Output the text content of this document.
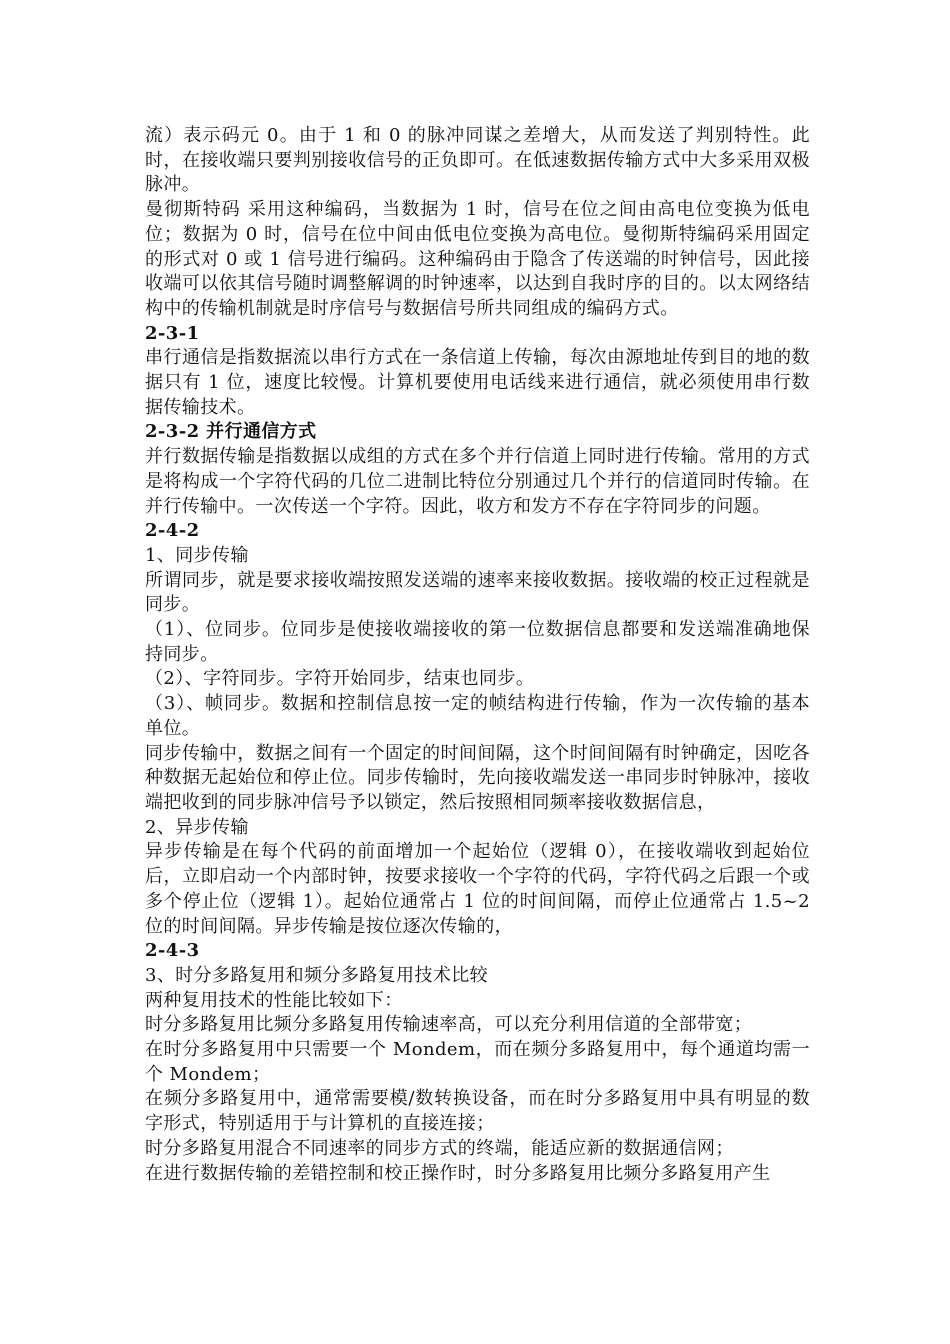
流）表示码元 0。由于 1 和 0 的脉冲同谋之差增大，从而发送了判别特性。此时，在接收端只要判别接收信号的正负即可。在低速数据传输方式中大多采用双极脉冲。

曼彻斯特码 采用这种编码，当数据为 1 时，信号在位之间由高电位变换为低电位；数据为 0 时，信号在位中间由低电位变换为高电位。曼彻斯特编码采用固定的形式对 0 或 1 信号进行编码。这种编码由于隐含了传送端的时钟信号，因此接收端可以依其信号随时调整解调的时钟速率，以达到自我时序的目的。以太网络结构中的传输机制就是时序信号与数据信号所共同组成的编码方式。

2-3-1

串行通信是指数据流以串行方式在一条信道上传输，每次由源地址传到目的地的数据只有 1 位，速度比较慢。计算机要使用电话线来进行通信，就必须使用串行数据传输技术。

2-3-2 并行通信方式

并行数据传输是指数据以成组的方式在多个并行信道上同时进行传输。常用的方式是将构成一个字符代码的几位二进制比特位分别通过几个并行的信道同时传输。在并行传输中。一次传送一个字符。因此，收方和发方不存在字符同步的问题。

2-4-2

1、同步传输

所谓同步，就是要求接收端按照发送端的速率来接收数据。接收端的校正过程就是同步。

（1）、位同步。位同步是使接收端接收的第一位数据信息都要和发送端准确地保持同步。

（2）、字符同步。字符开始同步，结束也同步。

（3）、帧同步。数据和控制信息按一定的帧结构进行传输，作为一次传输的基本单位。

同步传输中，数据之间有一个固定的时间间隔，这个时间间隔有时钟确定，因吃各种数据无起始位和停止位。同步传输时，先向接收端发送一串同步时钟脉冲，接收端把收到的同步脉冲信号予以锁定，然后按照相同频率接收数据信息，

2、异步传输

异步传输是在每个代码的前面增加一个起始位（逻辑 0），在接收端收到起始位后，立即启动一个内部时钟，按要求接收一个字符的代码，字符代码之后跟一个或多个停止位（逻辑 1）。起始位通常占 1 位的时间间隔，而停止位通常占 1.5~2 位的时间间隔。异步传输是按位逐次传输的，

2-4-3

3、时分多路复用和频分多路复用技术比较

两种复用技术的性能比较如下：

时分多路复用比频分多路复用传输速率高，可以充分利用信道的全部带宽；

在时分多路复用中只需要一个 Mondem，而在频分多路复用中，每个通道均需一个 Mondem；

在频分多路复用中，通常需要模/数转换设备，而在时分多路复用中具有明显的数字形式，特别适用于与计算机的直接连接；

时分多路复用混合不同速率的同步方式的终端，能适应新的数据通信网；

在进行数据传输的差错控制和校正操作时，时分多路复用比频分多路复用产生
